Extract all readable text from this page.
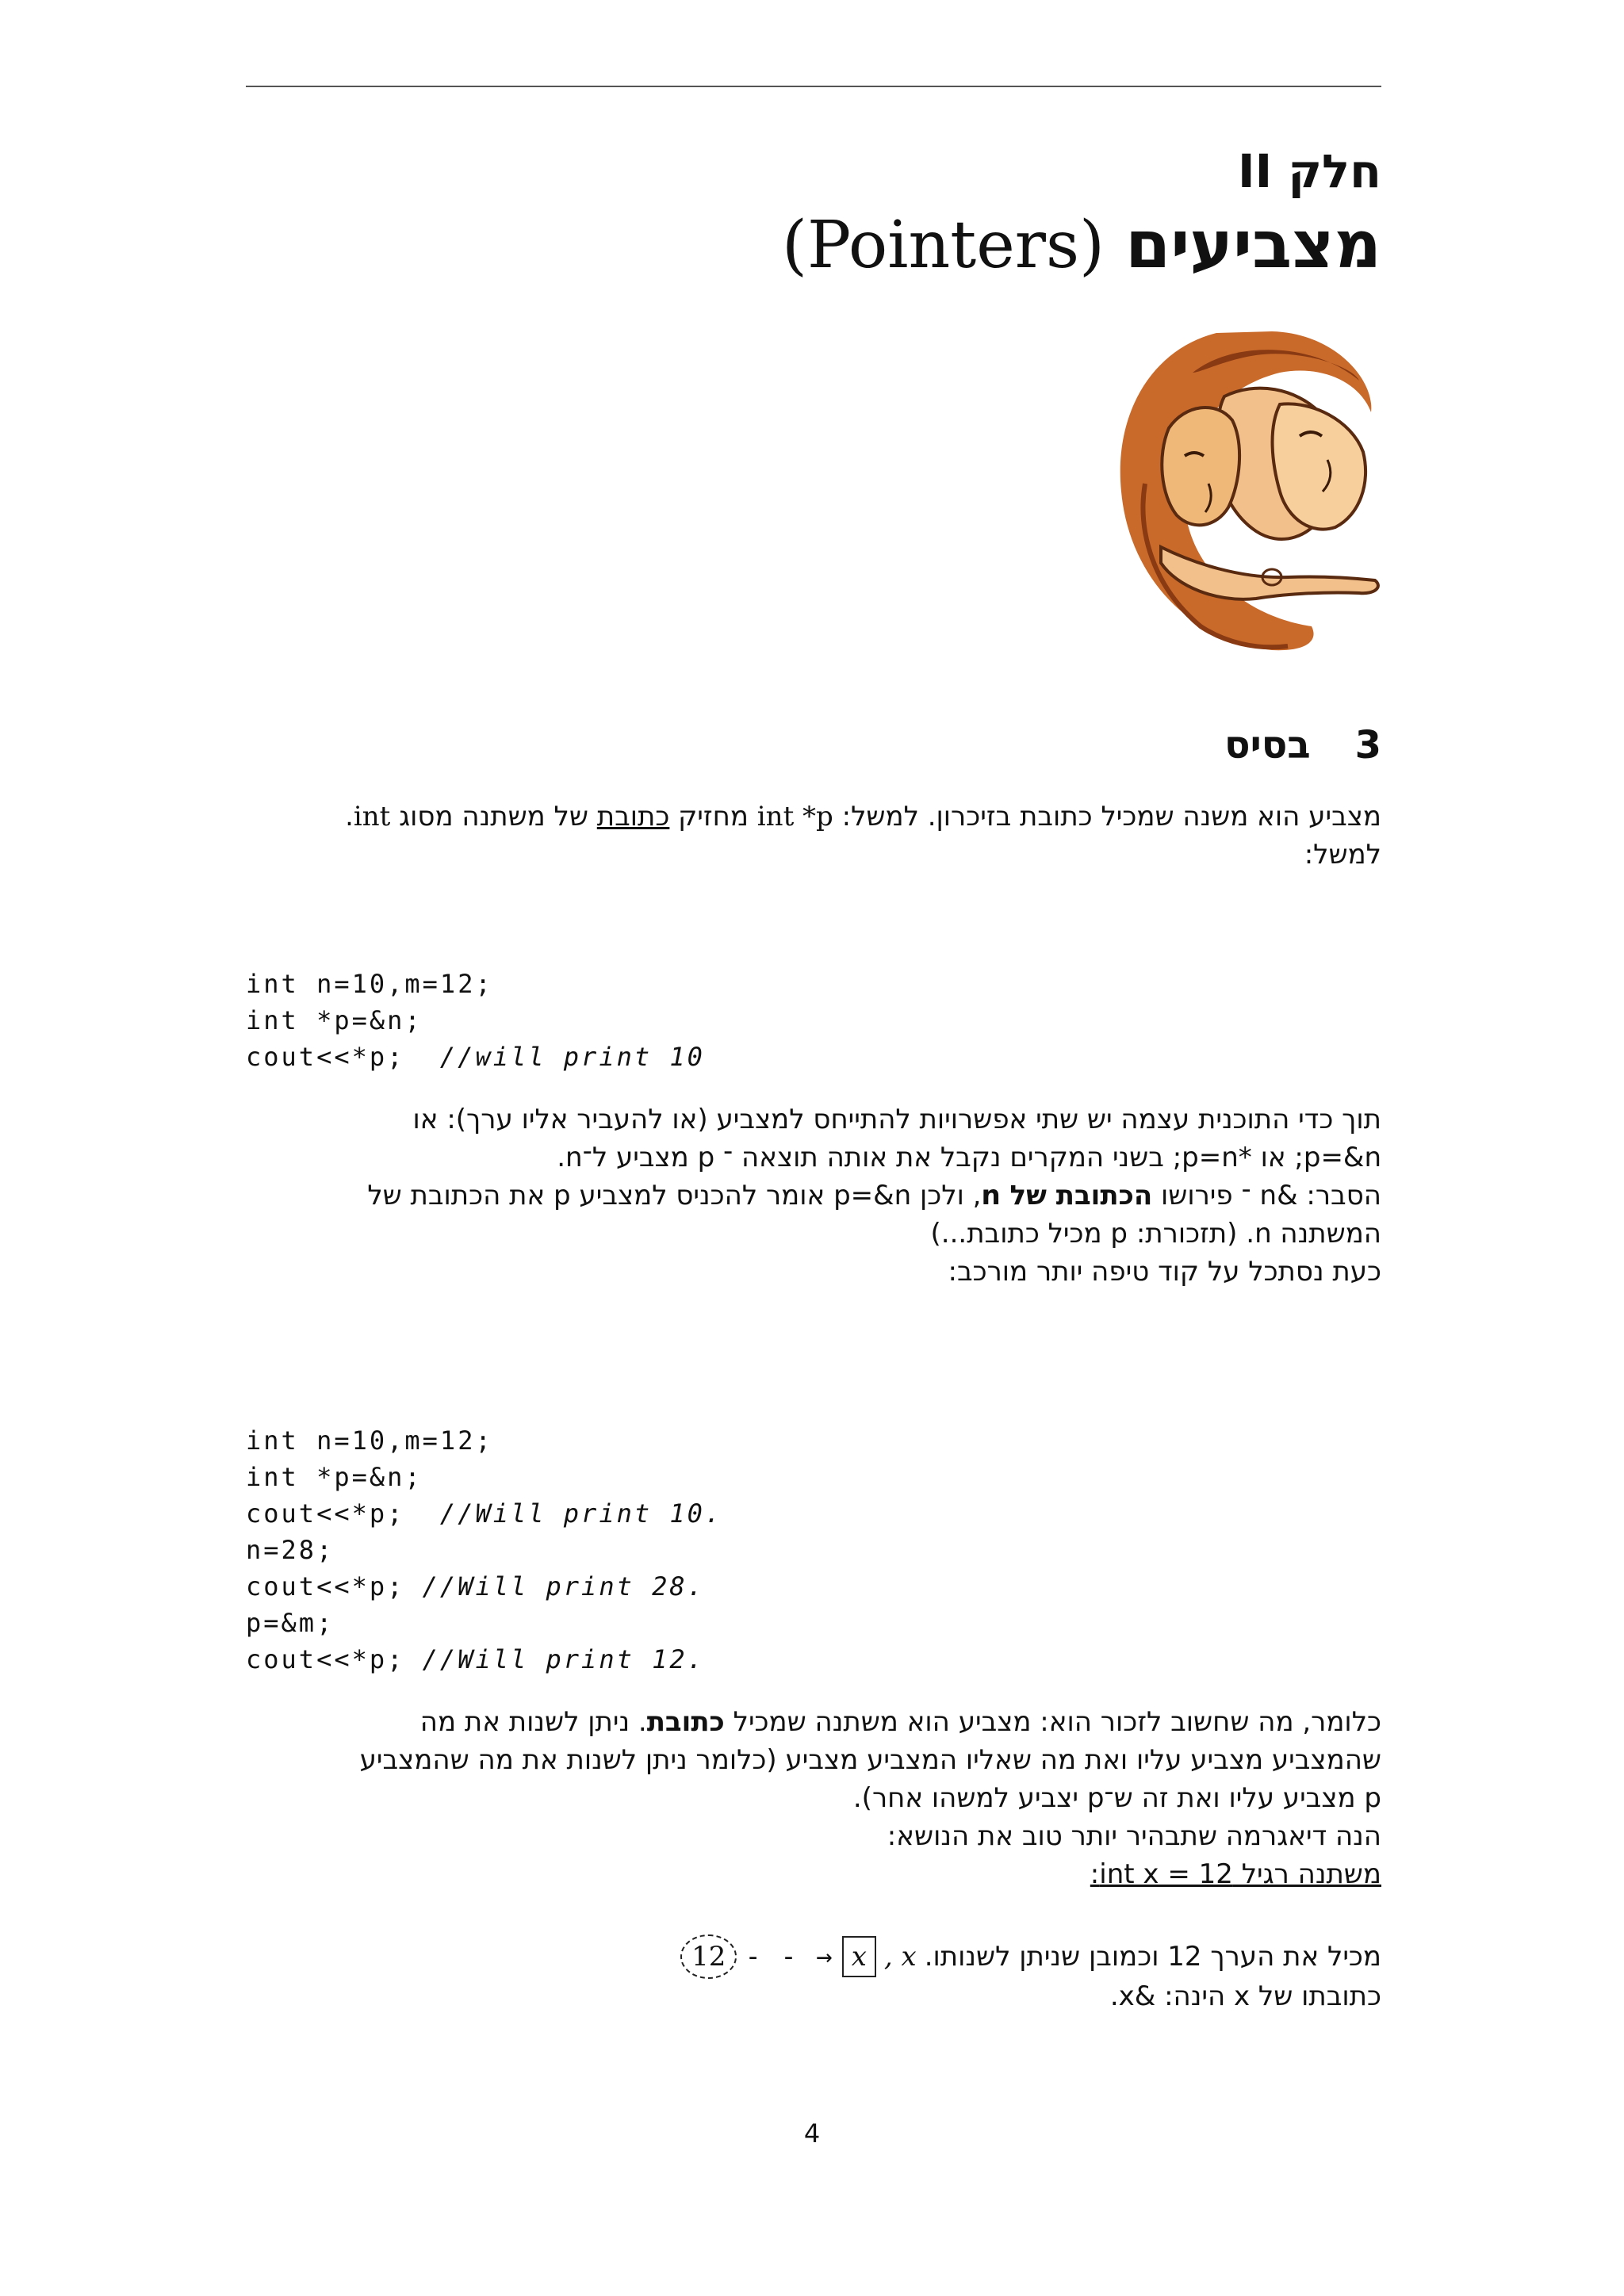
חלק II
מצביעים (Pointers)
3בסיס
מצביע הוא משנה שמכיל כתובת בזיכרון. למשל: int *p מחזיק כתובת של משתנה מסוג int.
למשל:

int n=10,m=12;
int *p=&n;
cout<<*p;  //will print 10

תוך כדי התוכנית עצמה יש שתי אפשרויות להתייחס למצביע (או להעביר אליו ערך): או
p=&n; או *p=n; בשני המקרים נקבל את אותה תוצאה ־ p מצביע ל־n.
הסבר: &n ־ פירושו הכתובת של n, ולכן p=&n אומר להכניס למצביע p את הכתובת של
המשתנה n. (תזכורת: p מכיל כתובת...)
כעת נסתכל על קוד טיפה יותר מורכב:

int n=10,m=12;
int *p=&n;
cout<<*p;  //Will print 10.
n=28;
cout<<*p; //Will print 28.
p=&m;
cout<<*p; //Will print 12.

כלומר, מה שחשוב לזכור הוא: מצביע הוא משתנה שמכיל כתובת. ניתן לשנות את מה
שהמצביע מצביע עליו ואת מה שאליו המצביע מצביע (כלומר ניתן לשנות את מה שהמצביע
p מצביע עליו ואת זה ש־p יצביע למשהו אחר).
הנה דיאגרמה שתבהיר יותר טוב את הנושא:
משתנה רגיל int x = 12:
מכיל את הערך 12 וכמובן שניתן לשנותו.
, x
x
- - →
12
כתובתו של x הינה: &x.
4
